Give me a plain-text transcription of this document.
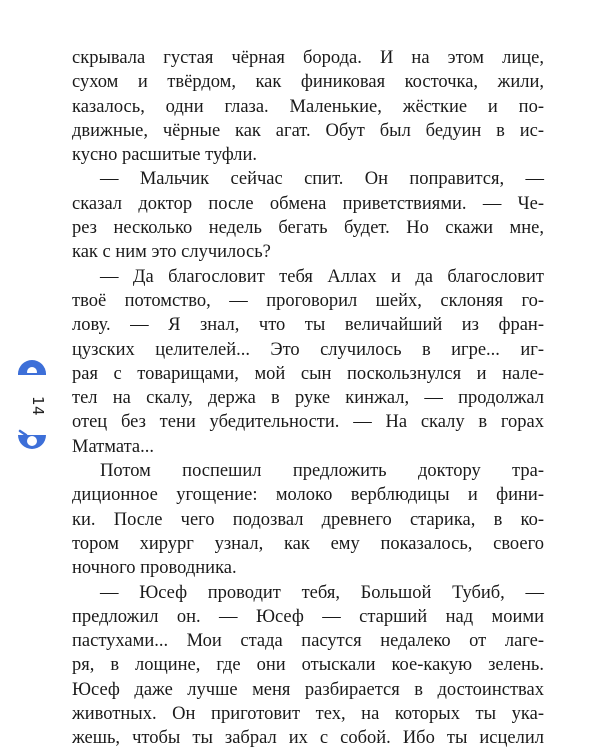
14
скрывала густая чёрная борода. И на этом лице,
сухом и твёрдом, как финиковая косточка, жили,
казалось, одни глаза. Маленькие, жёсткие и по-
движные, чёрные как агат. Обут был бедуин в ис-
кусно расшитые туфли.
— Мальчик сейчас спит. Он поправится, —
сказал доктор после обмена приветствиями. — Че-
рез несколько недель бегать будет. Но скажи мне,
как с ним это случилось?
— Да благословит тебя Аллах и да благословит
твоё потомство, — проговорил шейх, склоняя го-
лову. — Я знал, что ты величайший из фран-
цузских целителей... Это случилось в игре... иг-
рая с товарищами, мой сын поскользнулся и нале-
тел на скалу, держа в руке кинжал, — продолжал
отец без тени убедительности. — На скалу в горах
Матмата...
Потом поспешил предложить доктору тра-
диционное угощение: молоко верблюдицы и фини-
ки. После чего подозвал древнего старика, в ко-
тором хирург узнал, как ему показалось, своего
ночного проводника.
— Юсеф проводит тебя, Большой Тубиб, —
предложил он. — Юсеф — старший над моими
пастухами... Мои стада пасутся недалеко от лаге-
ря, в лощине, где они отыскали кое-какую зелень.
Юсеф даже лучше меня разбирается в достоинствах
животных. Он приготовит тех, на которых ты ука-
жешь, чтобы ты забрал их с собой. Ибо ты исцелил
